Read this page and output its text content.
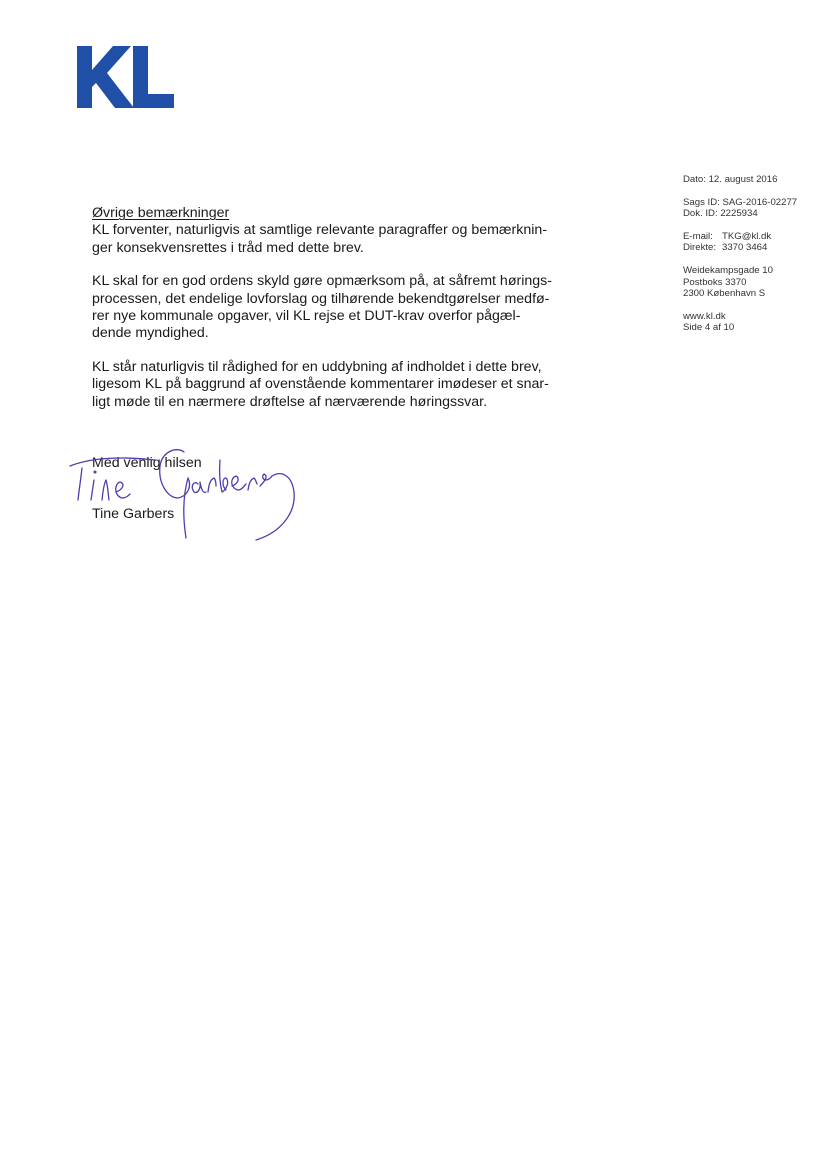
Dato: 12. august 2016
Sags ID: SAG-2016-02277
Dok. ID: 2225934
E-mail: TKG@kl.dk
Direkte: 3370 3464
Weidekampsgade 10
Postboks 3370
2300 København S
www.kl.dk
Side 4 af 10
Øvrige bemærkninger

KL forventer, naturligvis at samtlige relevante paragraffer og bemærknin-
ger konsekvensrettes i tråd med dette brev.

KL skal for en god ordens skyld gøre opmærksom på, at såfremt hørings-
processen, det endelige lovforslag og tilhørende bekendtgørelser medfø-
rer nye kommunale opgaver, vil KL rejse et DUT-krav overfor pågæl-
dende myndighed.

KL står naturligvis til rådighed for en uddybning af indholdet i dette brev,
ligesom KL på baggrund af ovenstående kommentarer imødeser et snar-
ligt møde til en nærmere drøftelse af nærværende høringssvar.

Med venlig hilsen
Tine Garbers
